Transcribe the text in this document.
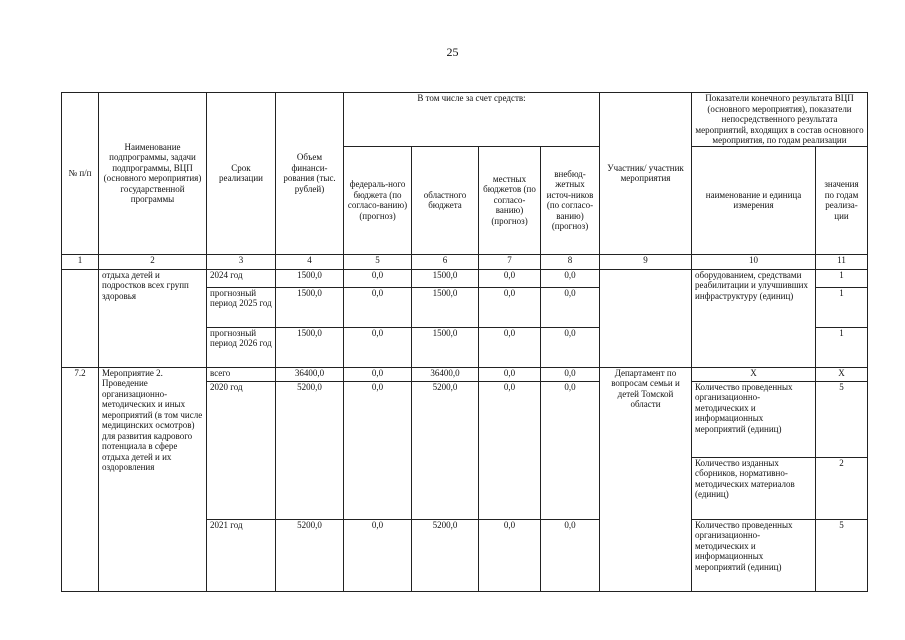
25
№ п/п	Наименование подпрограммы, задачи подпрограммы, ВЦП (основного мероприятия) государственной программы	Срок реализации	Объем финанси-рования (тыс. рублей)	В том числе за счет средств:				Участник/ участник мероприятия	Показатели конечного результата ВЦП (основного мероприятия), показатели непосредственного результата мероприятий, входящих в состав основного мероприятия, по годам реализации	
				федераль-ного бюджета (по согласо-ванию) (прогноз)	областного бюджета	местных бюджетов (по согласо-ванию) (прогноз)	внебюд-жетных источ-ников (по согласо-ванию) (прогноз)		наименование и единица измерения	значения по годам реализа-ции
1	2	3	4	5	6	7	8	9	10	11
	отдыха детей и подростков всех групп здоровья	2024 год	1500,0	0,0	1500,0	0,0	0,0		оборудованием, средствами реабилитации и улучшивших инфраструктуру (единиц)	1
		прогнозный период 2025 год	1500,0	0,0	1500,0	0,0	0,0			1
		прогнозный период 2026 год	1500,0	0,0	1500,0	0,0	0,0			1
7.2	Мероприятие 2. Проведение организационно-методических и иных мероприятий (в том числе медицинских осмотров) для развития кадрового потенциала в сфере отдыха детей и их оздоровления	всего	36400,0	0,0	36400,0	0,0	0,0	Департамент по вопросам семьи и детей Томской области	Х	Х
		2020 год	5200,0	0,0	5200,0	0,0	0,0		Количество проведенных организационно-методических и информационных мероприятий (единиц)	5
									Количество изданных сборников, нормативно-методических материалов (единиц)	2
		2021 год	5200,0	0,0	5200,0	0,0	0,0		Количество проведенных организационно-методических и информационных мероприятий (единиц)	5
